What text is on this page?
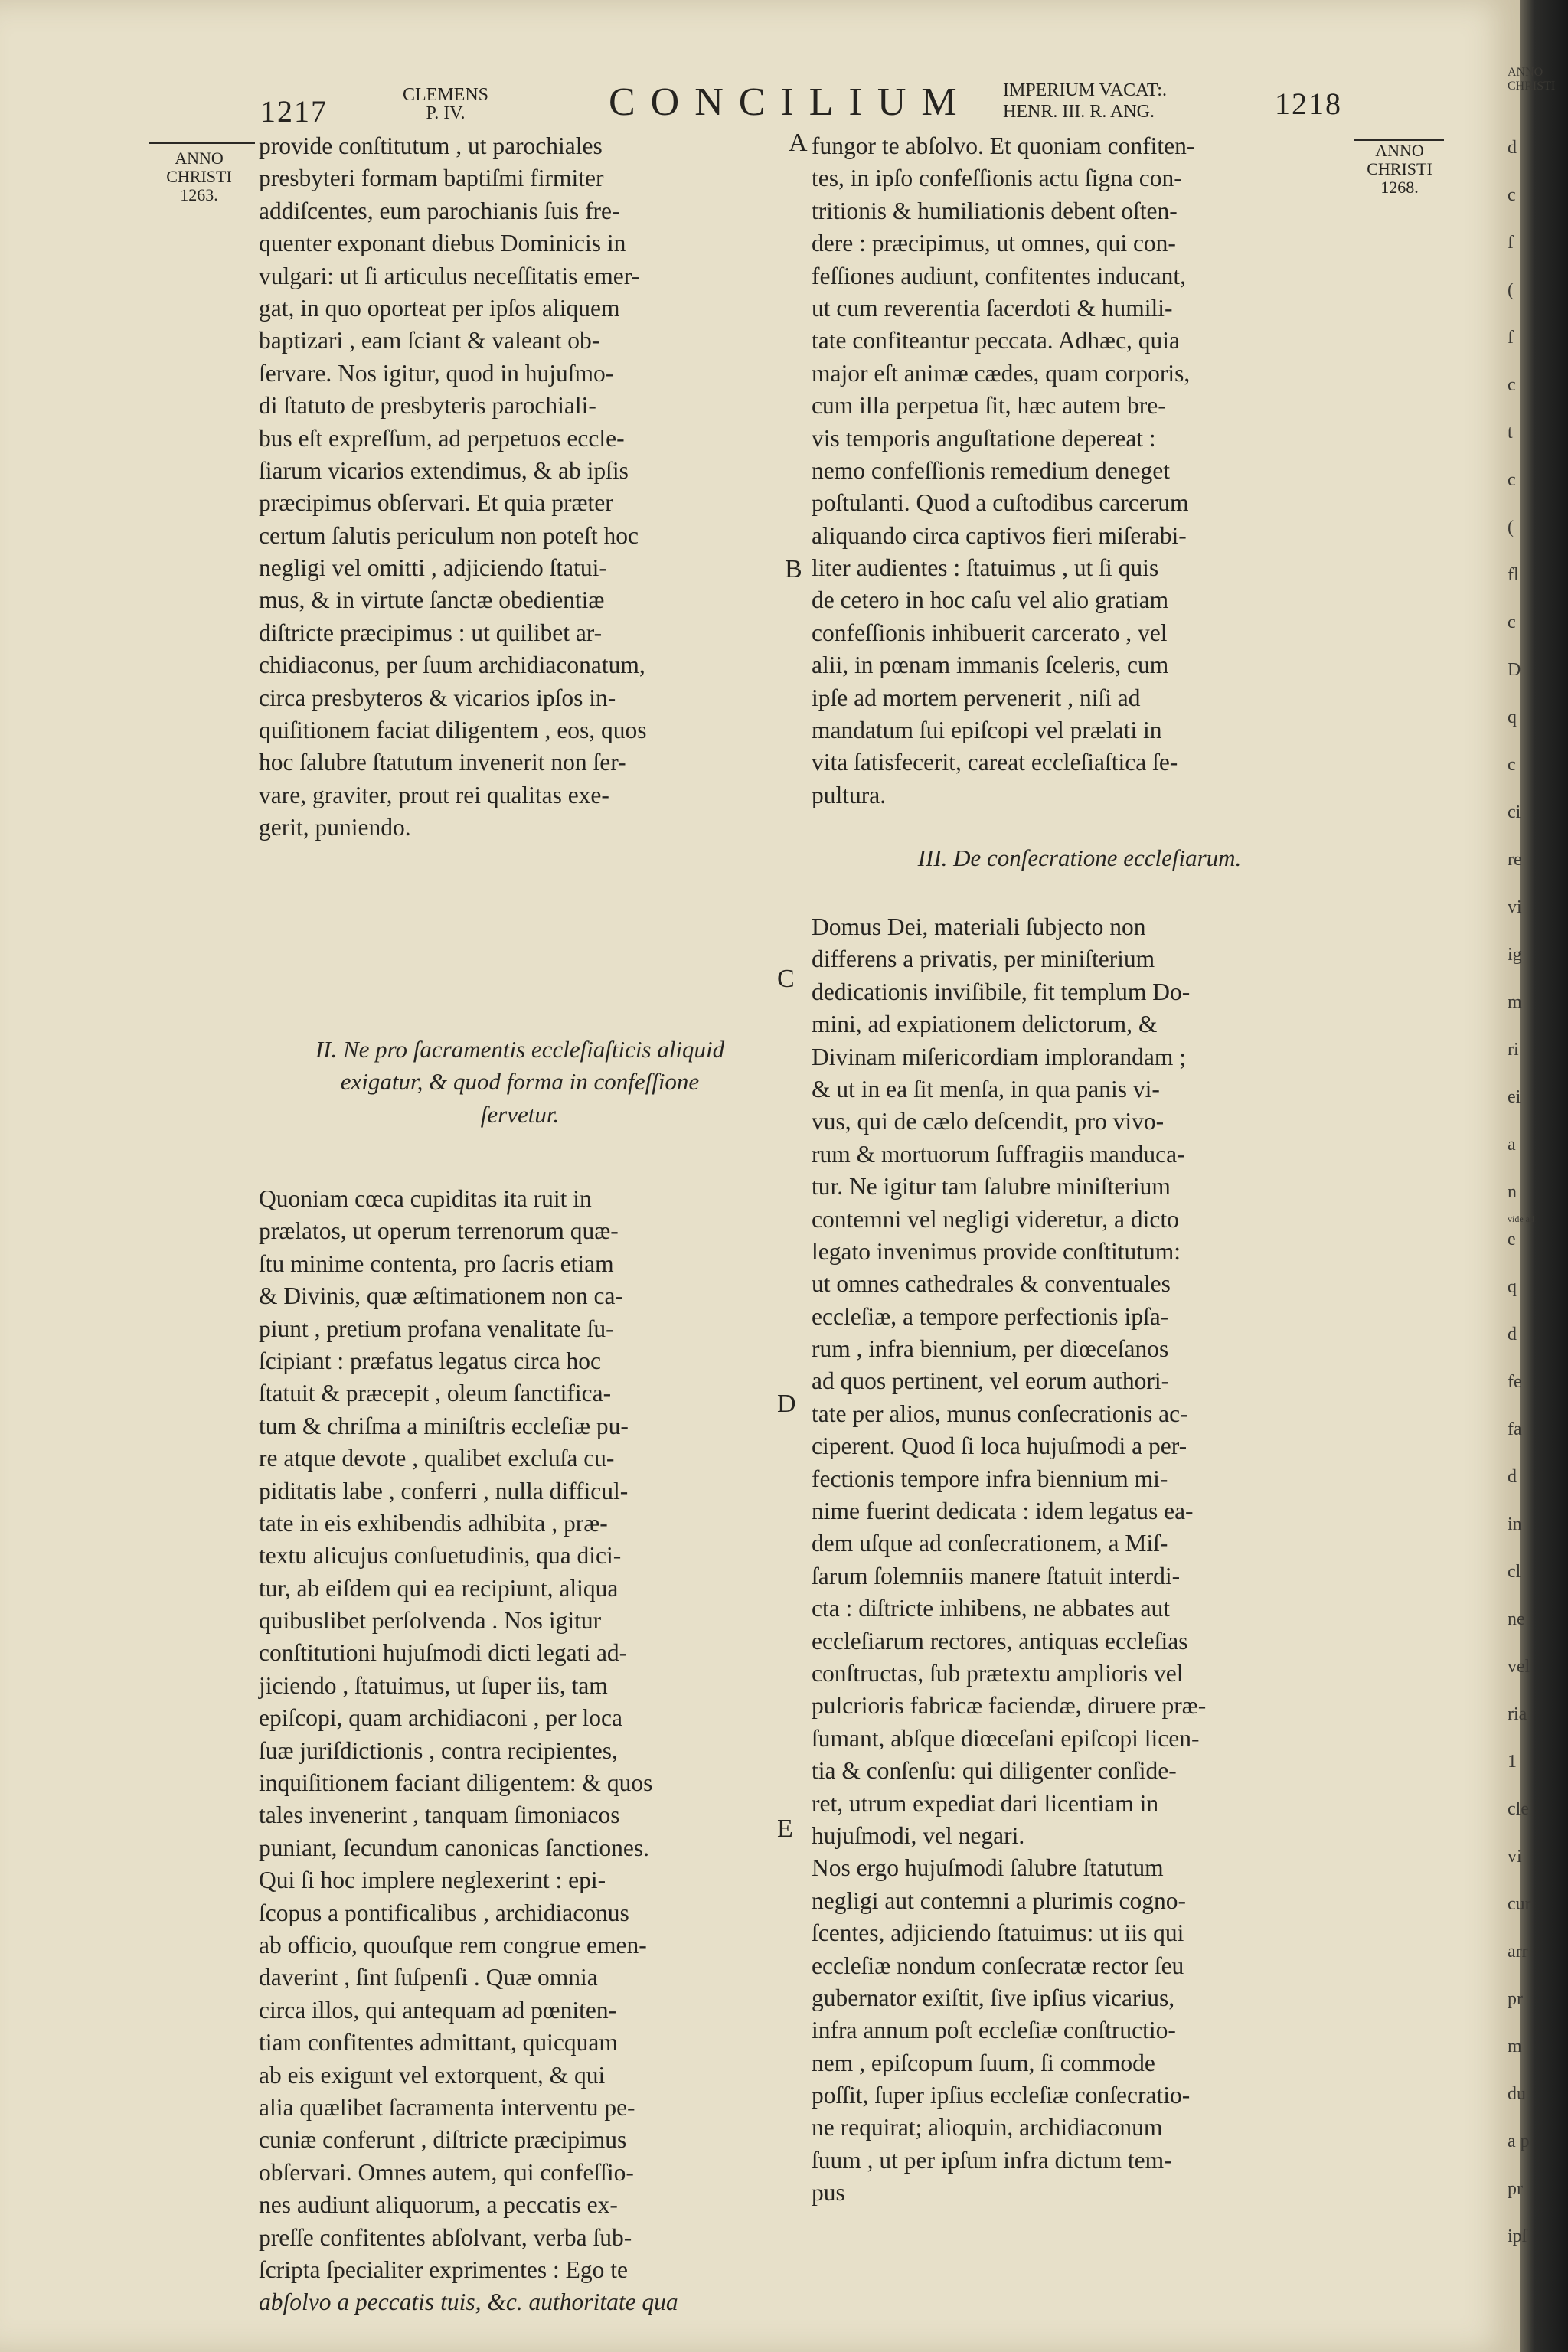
1217	CLEMENS
P. IV.	CONCILIUM IMPERIUM VACAT:.
HENR. III. R. ANG.	1218
ANNO
CHRISTI
1263.
ANNO
CHRISTI
1268.
A
B
C
D
E
provide conſtitutum , ut parochiales
presbyteri formam baptiſmi firmiter
addiſcentes, eum parochianis ſuis fre-
quenter exponant diebus Dominicis in
vulgari: ut ſi articulus neceſſitatis emer-
gat, in quo oporteat per ipſos aliquem
baptizari , eam ſciant & valeant ob-
ſervare. Nos igitur, quod in hujuſmo-
di ſtatuto de presbyteris parochiali-
bus eſt expreſſum, ad perpetuos eccle-
ſiarum vicarios extendimus, & ab ipſis
præcipimus obſervari. Et quia præter
certum ſalutis periculum non poteſt hoc
negligi vel omitti , adjiciendo ſtatui-
mus, & in virtute ſanctæ obedientiæ
diſtricte præcipimus : ut quilibet ar-
chidiaconus, per ſuum archidiaconatum,
circa presbyteros & vicarios ipſos in-
quiſitionem faciat diligentem , eos, quos
hoc ſalubre ſtatutum invenerit non ſer-
vare, graviter, prout rei qualitas exe-
gerit, puniendo.
II. Ne pro ſacramentis eccleſiaſticis aliquid
exigatur, & quod forma in confeſſione
ſervetur.
Quoniam cœca cupiditas ita ruit in
prælatos, ut operum terrenorum quæ-
ſtu minime contenta, pro ſacris etiam
& Divinis, quæ æſtimationem non ca-
piunt , pretium profana venalitate ſu-
ſcipiant : præfatus legatus circa hoc
ſtatuit & præcepit , oleum ſanctifica-
tum & chriſma a miniſtris eccleſiæ pu-
re atque devote , qualibet excluſa cu-
piditatis labe , conferri , nulla difficul-
tate in eis exhibendis adhibita , præ-
textu alicujus conſuetudinis, qua dici-
tur, ab eiſdem qui ea recipiunt, aliqua
quibuslibet perſolvenda . Nos igitur
conſtitutioni hujuſmodi dicti legati ad-
jiciendo , ſtatuimus, ut ſuper iis, tam
epiſcopi, quam archidiaconi , per loca
ſuæ juriſdictionis , contra recipientes,
inquiſitionem faciant diligentem: & quos
tales invenerint , tanquam ſimoniacos
puniant, ſecundum canonicas ſanctiones.
Qui ſi hoc implere neglexerint : epi-
ſcopus a pontificalibus , archidiaconus
ab officio, quouſque rem congrue emen-
daverint , ſint ſuſpenſi . Quæ omnia
circa illos, qui antequam ad pœniten-
tiam confitentes admittant, quicquam
ab eis exigunt vel extorquent, & qui
alia quælibet ſacramenta interventu pe-
cuniæ conferunt , diſtricte præcipimus
obſervari. Omnes autem, qui confeſſio-
nes audiunt aliquorum, a peccatis ex-
preſſe confitentes abſolvant, verba ſub-
ſcripta ſpecialiter exprimentes : Ego te
abſolvo a peccatis tuis, &c. authoritate qua
fungor te abſolvo. Et quoniam confiten-
tes, in ipſo confeſſionis actu ſigna con-
tritionis & humiliationis debent oſten-
dere : præcipimus, ut omnes, qui con-
feſſiones audiunt, confitentes inducant,
ut cum reverentia ſacerdoti & humili-
tate confiteantur peccata. Adhæc, quia
major eſt animæ cædes, quam corporis,
cum illa perpetua ſit, hæc autem bre-
vis temporis anguſtatione depereat :
nemo confeſſionis remedium deneget
poſtulanti. Quod a cuſtodibus carcerum
aliquando circa captivos fieri miſerabi-
liter audientes : ſtatuimus , ut ſi quis
de cetero in hoc caſu vel alio gratiam
confeſſionis inhibuerit carcerato , vel
alii, in pœnam immanis ſceleris, cum
ipſe ad mortem pervenerit , niſi ad
mandatum ſui epiſcopi vel prælati in
vita ſatisfecerit, careat eccleſiaſtica ſe-
pultura.
III. De conſecratione eccleſiarum.
Domus Dei, materiali ſubjecto non
differens a privatis, per miniſterium
dedicationis inviſibile, fit templum Do-
mini, ad expiationem delictorum, &
Divinam miſericordiam implorandam ;
& ut in ea ſit menſa, in qua panis vi-
vus, qui de cælo deſcendit, pro vivo-
rum & mortuorum ſuffragiis manduca-
tur. Ne igitur tam ſalubre miniſterium
contemni vel negligi videretur, a dicto
legato invenimus provide conſtitutum:
ut omnes cathedrales & conventuales
eccleſiæ, a tempore perfectionis ipſa-
rum , infra biennium, per diœceſanos
ad quos pertinent, vel eorum authori-
tate per alios, munus conſecrationis ac-
ciperent. Quod ſi loca hujuſmodi a per-
fectionis tempore infra biennium mi-
nime fuerint dedicata : idem legatus ea-
dem uſque ad conſecrationem, a Miſ-
ſarum ſolemniis manere ſtatuit interdi-
cta : diſtricte inhibens, ne abbates aut
eccleſiarum rectores, antiquas eccleſias
conſtructas, ſub prætextu amplioris vel
pulcrioris fabricæ faciendæ, diruere præ-
ſumant, abſque diœceſani epiſcopi licen-
tia & conſenſu: qui diligenter conſide-
ret, utrum expediat dari licentiam in
hujuſmodi, vel negari.
Nos ergo hujuſmodi ſalubre ſtatutum
negligi aut contemni a plurimis cogno-
ſcentes, adjiciendo ſtatuimus: ut iis qui
eccleſiæ nondum conſecratæ rector ſeu
gubernator exiſtit, ſive ipſius vicarius,
infra annum poſt eccleſiæ conſtructio-
nem , epiſcopum ſuum, ſi commode
poſſit, ſuper ipſius eccleſiæ conſecratio-
ne requirat; alioquin, archidiaconum
ſuum , ut per ipſum infra dictum tem-
pus
ANNO
CHRISTI
d
c
f
(
f
c
t
c
(
fl
c
D
q
c
ci
re
vi
ig
m
ri
ei
a
n
e
q
d
fe
fa
d
in
cl
ne
vel
ria
1
cle
vi
cur
arr
pr
m
du
a p
pr
ipſ
vide ad
